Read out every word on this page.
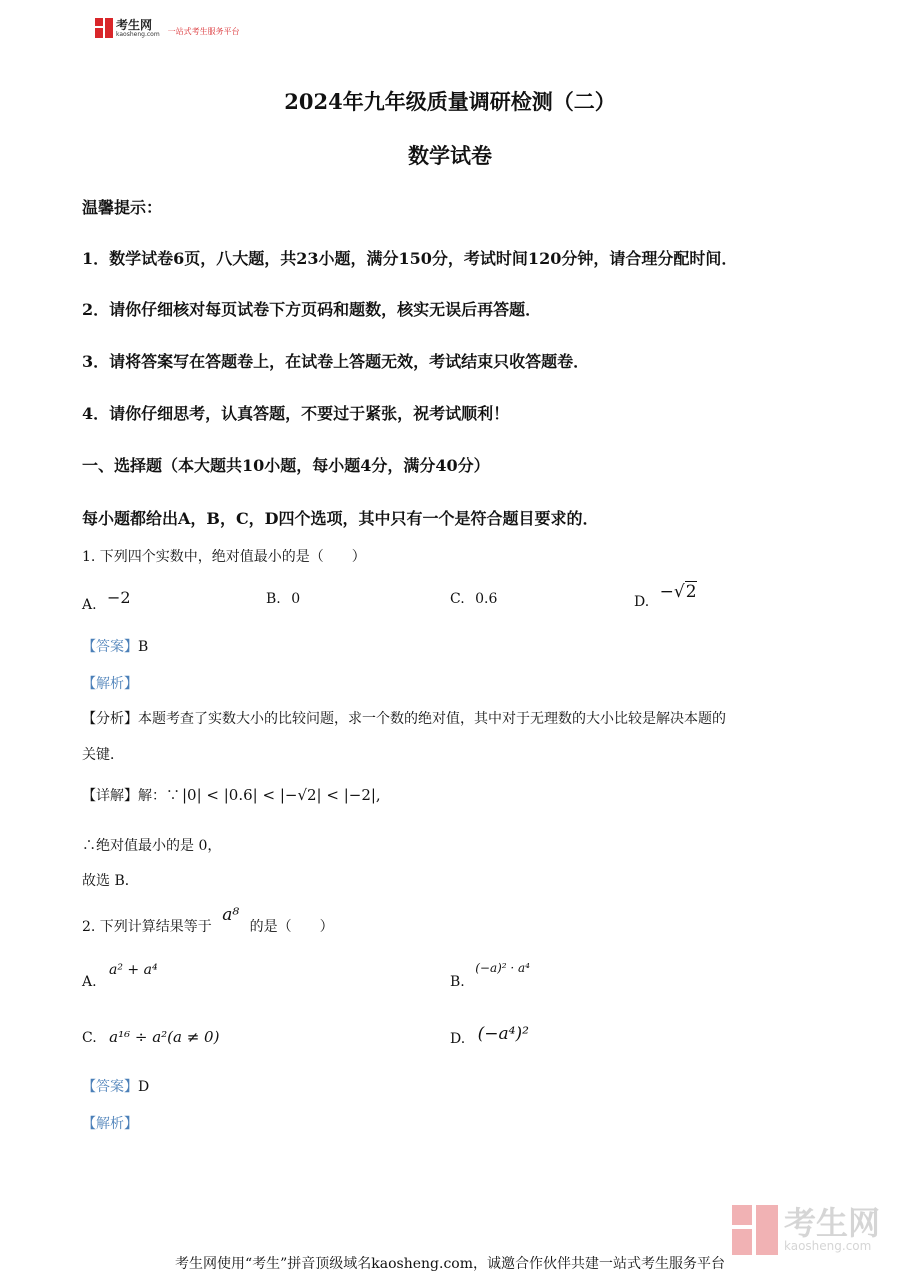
考生网
kaosheng.com 一站式考生服务平台
2024年九年级质量调研检测（二）
数学试卷
温馨提示：
1．数学试卷6页，八大题，共23小题，满分150分，考试时间120分钟，请合理分配时间．
2．请你仔细核对每页试卷下方页码和题数，核实无误后再答题．
3．请将答案写在答题卷上，在试卷上答题无效，考试结束只收答题卷．
4．请你仔细思考，认真答题，不要过于紧张，祝考试顺利！
一、选择题（本大题共10小题，每小题4分，满分40分）
每小题都给出A，B，C，D四个选项，其中只有一个是符合题目要求的．
1. 下列四个实数中，绝对值最小的是（　　）
A. −2	B. 0	C. 0.6	D. −√2
【答案】B
【解析】
【分析】本题考查了实数大小的比较问题，求一个数的绝对值，其中对于无理数的大小比较是解决本题的
关键．
【详解】解：∵ |0| < |0.6| < |−√2| < |−2|,
∴绝对值最小的是 0，
故选 B．
2. 下列计算结果等于 a⁸ 的是（　　）
A. a² + a⁴
B. (−a)² · a⁴
C. a¹⁶ ÷ a²(a ≠ 0)	D. (−a⁴)²
【答案】D
【解析】
考生网
kaosheng.com
考生网使用“考生”拼音顶级域名kaosheng.com，诚邀合作伙伴共建一站式考生服务平台
